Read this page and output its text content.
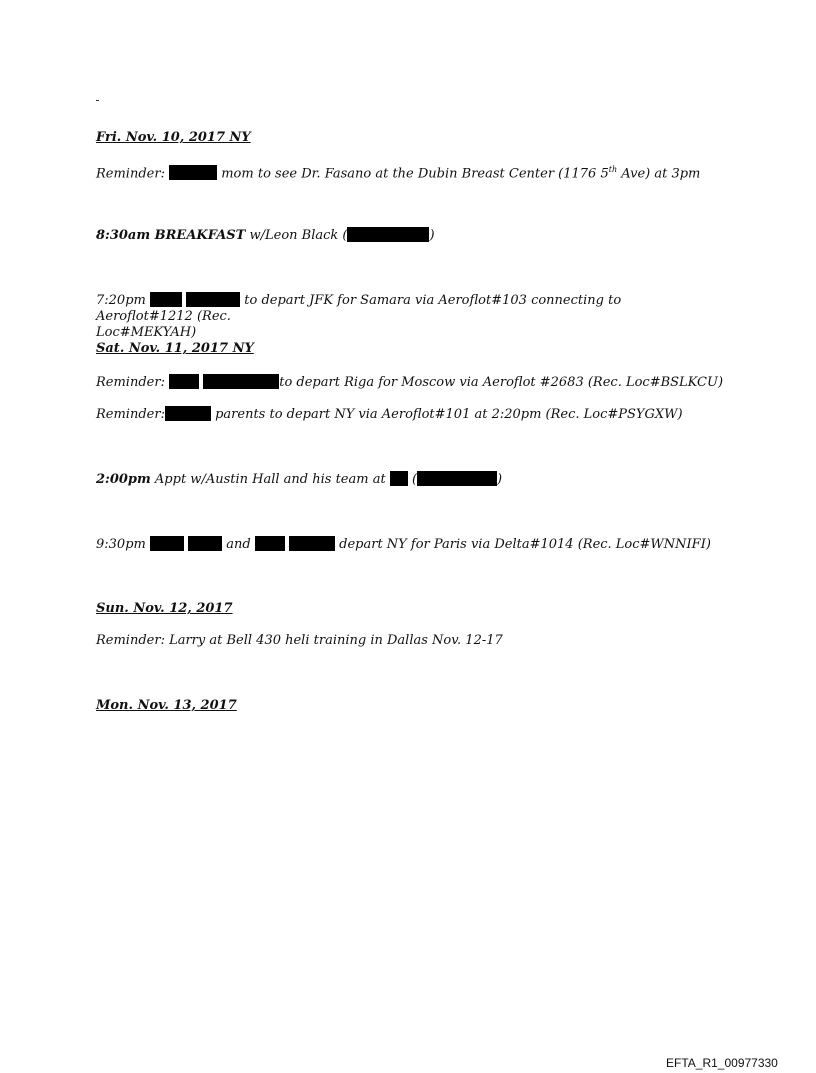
Fri. Nov. 10, 2017 NY
Reminder:	mom to see Dr. Fasano at the Dubin Breast Center (1176 5th Ave) at 3pm
8:30am BREAKFAST w/Leon Black (	)
7:20pm	to depart JFK for Samara via Aeroflot#103 connecting to Aeroflot#1212 (Rec.
Loc#MEKYAH)
Sat. Nov. 11, 2017 NY
Reminder:	to depart Riga for Moscow via Aeroflot #2683 (Rec. Loc#BSLKCU)
Reminder:	parents to depart NY via Aeroflot#101 at 2:20pm (Rec. Loc#PSYGXW)
2:00pm Appt w/Austin Hall and his team at (	)
9:30pm	and	depart NY for Paris via Delta#1014 (Rec. Loc#WNNIFI)
Sun. Nov. 12, 2017
Reminder: Larry at Bell 430 heli training in Dallas Nov. 12-17
Mon. Nov. 13, 2017
EFTA_R1_00977330
